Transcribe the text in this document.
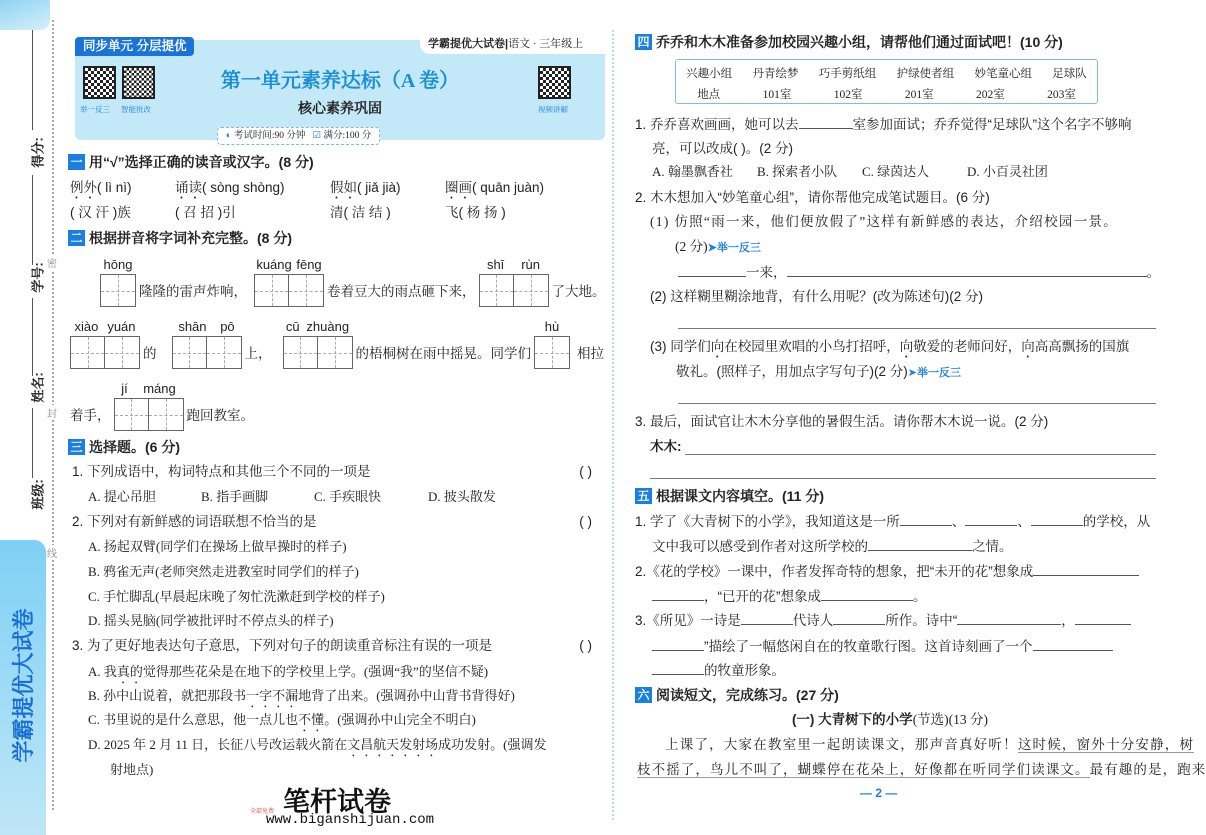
密
封
线
得分:
学号:
姓名:
班级:
学霸提优大试卷
同步单元 分层提优	学霸提优大试卷|语文 · 三年级上
举一反三 智能批改	视频讲解
第一单元素养达标（A 卷）
核心素养巩固
◐ 考试时间:90 分钟 ☑ 满分:100 分
一 用“√”选择正确的读音或汉字。(8 分)
例外( lì nì)	诵读( sòng shòng)	假如( jiǎ jià)	圈画( quān juàn)
( 汉 汗 )族	( 召 招 )引	清( 洁 结 )	飞( 杨 扬 )
二 根据拼音将字词补充完整。(8 分)
hōng
隆隆的雷声炸响，
kuáng fēng
卷着豆大的雨点砸下来，
shī rùn
了大地。
xiào yuán
的
shān pō
上，
cū zhuàng
的梧桐树在雨中摇晃。同学们
hù
相拉
着手，
jí máng
跑回教室。
三 选择题。(6 分)
1. 下列成语中，构词特点和其他三个不同的一项是	( )
A. 提心吊胆	B. 指手画脚	C. 手疾眼快	D. 披头散发
2. 下列对有新鲜感的词语联想不恰当的是	( )
A. 扬起双臂(同学们在操场上做早操时的样子)
B. 鸦雀无声(老师突然走进教室时同学们的样子)
C. 手忙脚乱(早晨起床晚了匆忙洗漱赶到学校的样子)
D. 摇头晃脑(同学被批评时不停点头的样子)
3. 为了更好地表达句子意思，下列对句子的朗读重音标注有误的一项是	( )
A. 我真的觉得那些花朵是在地下的学校里上学。(强调“我”的坚信不疑)
B. 孙中山说着，就把那段书一字不漏地背了出来。(强调孙中山背书背得好)
C. 书里说的是什么意思，他一点儿也不懂。(强调孙中山完全不明白)
D. 2025 年 2 月 11 日，长征八号改运载火箭在文昌航天发射场成功发射。(强调发
射地点)
笔杆试卷
全部免费
www.biganshijuan.com
四 乔乔和木木准备参加校园兴趣小组，请帮他们通过面试吧！(10 分)
兴趣小组 丹青绘梦 巧手剪纸组 护绿使者组 妙笔童心组 足球队
地点	101室	102室	201室	202室	203室
1. 乔乔喜欢画画，她可以去	室参加面试；乔乔觉得“足球队”这个名字不够响
亮，可以改成( )。(2 分)
A. 翰墨飘香社 B. 探索者小队 C. 绿茵达人	D. 小百灵社团
2. 木木想加入“妙笔童心组”，请你帮他完成笔试题目。(6 分)
(1) 仿照“雨一来，他们便放假了”这样有新鲜感的表达，介绍校园一景。
(2 分)➤举一反三
一来，	。
(2) 这样糊里糊涂地背，有什么用呢？(改为陈述句)(2 分)
(3) 同学们向在校园里欢唱的小鸟打招呼，向敬爱的老师问好，向高高飘扬的国旗
敬礼。(照样子，用加点字写句子)(2 分)➤举一反三
3. 最后，面试官让木木分享他的暑假生活。请你帮木木说一说。(2 分)
木木:
五 根据课文内容填空。(11 分)
1. 学了《大青树下的小学》，我知道这是一所	、	、	的学校，从
文中我可以感受到作者对这所学校的	之情。
2.《花的学校》一课中，作者发挥奇特的想象，把“未开的花”想象成
，“已开的花”想象成	。
3.《所见》一诗是	代诗人	所作。诗中“	，
”描绘了一幅悠闲自在的牧童歌行图。这首诗刻画了一个
的牧童形象。
六 阅读短文，完成练习。(27 分)
(一) 大青树下的小学(节选)(13 分)
上课了，大家在教室里一起朗读课文，那声音真好听！这时候，窗外十分安静，树
枝不摇了，鸟儿不叫了，蝴蝶停在花朵上，好像都在听同学们读课文。最有趣的是，跑来
— 2 —
